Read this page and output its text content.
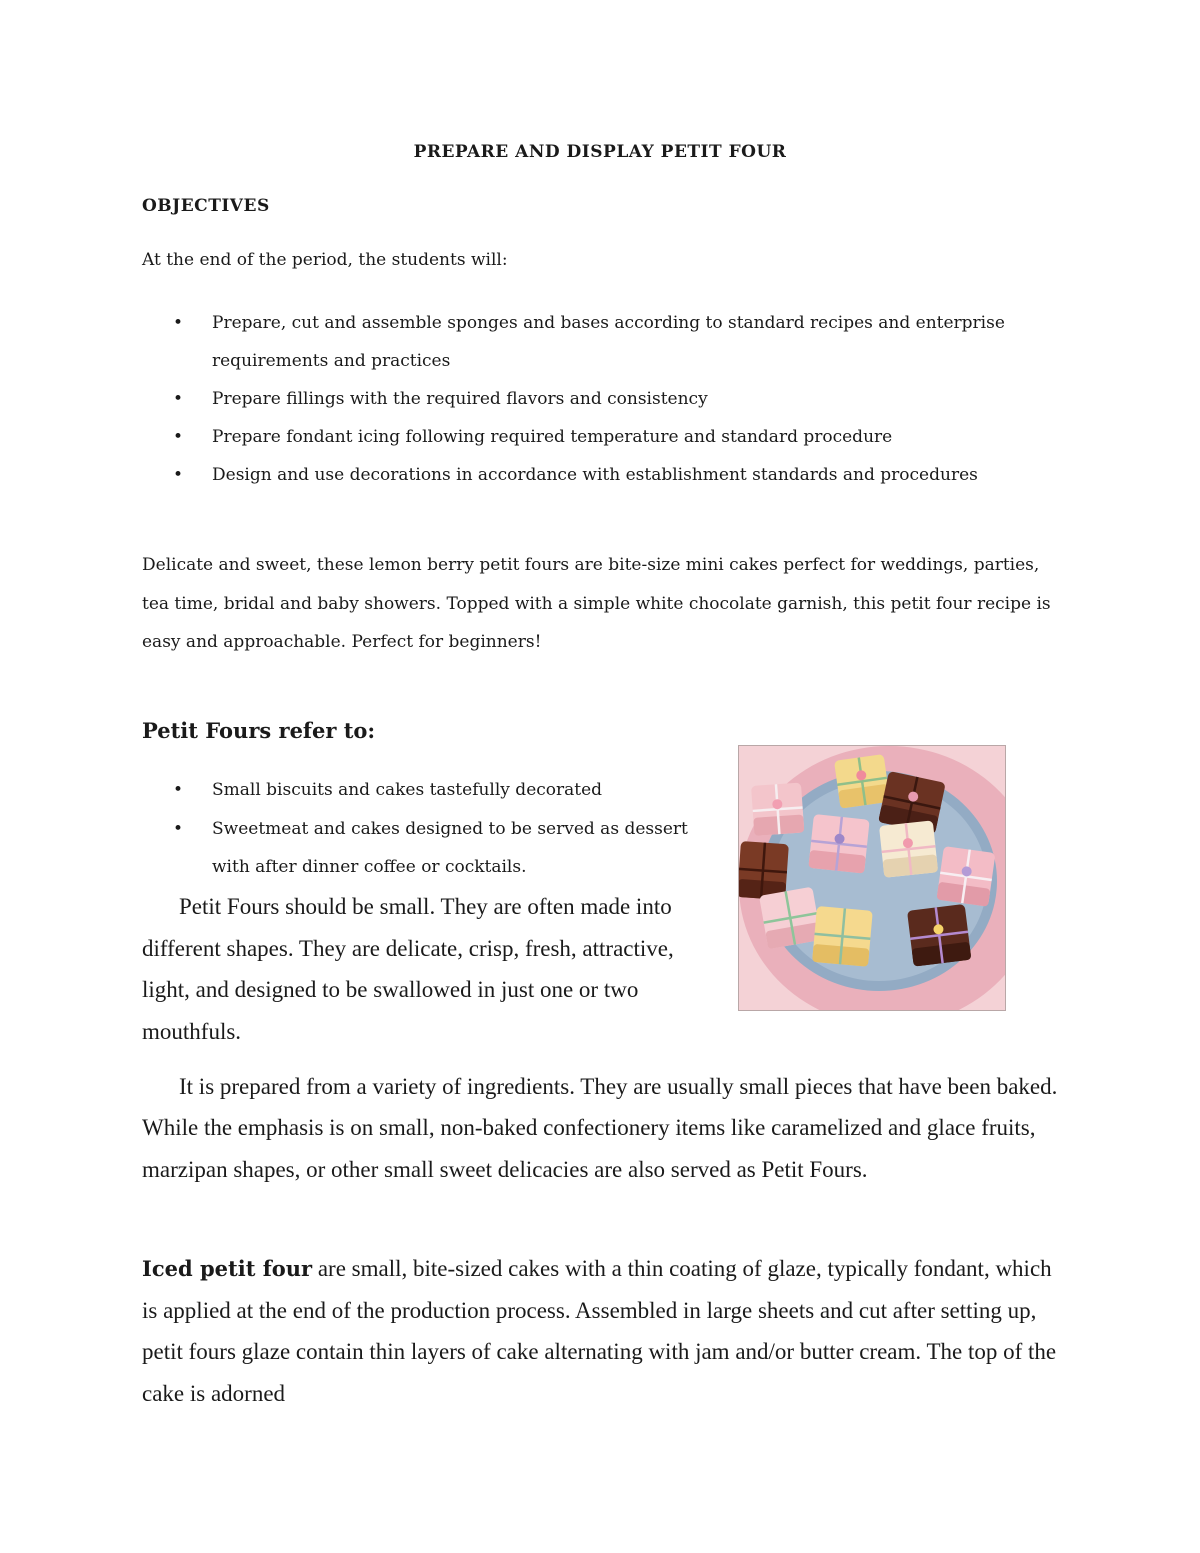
PREPARE AND DISPLAY PETIT FOUR
OBJECTIVES
At the end of the period, the students will:
• Prepare, cut and assemble sponges and bases according to standard recipes and enterprise requirements and practices
• Prepare fillings with the required flavors and consistency
• Prepare fondant icing following required temperature and standard procedure
• Design and use decorations in accordance with establishment standards and procedures

Delicate and sweet, these lemon berry petit fours are bite-size mini cakes perfect for weddings, parties, tea time, bridal and baby showers. Topped with a simple white chocolate garnish, this petit four recipe is easy and approachable. Perfect for beginners!

Petit Fours refer to:
• Small biscuits and cakes tastefully decorated
• Sweetmeat and cakes designed to be served as dessert with after dinner coffee or cocktails.

Petit Fours should be small. They are often made into different shapes. They are delicate, crisp, fresh, attractive, light, and designed to be swallowed in just one or two mouthfuls.

It is prepared from a variety of ingredients. They are usually small pieces that have been baked. While the emphasis is on small, non-baked confectionery items like caramelized and glace fruits, marzipan shapes, or other small sweet delicacies are also served as Petit Fours.

Iced petit four are small, bite-sized cakes with a thin coating of glaze, typically fondant, which is applied at the end of the production process. Assembled in large sheets and cut after setting up, petit fours glaze contain thin layers of cake alternating with jam and/or butter cream. The top of the cake is adorned
